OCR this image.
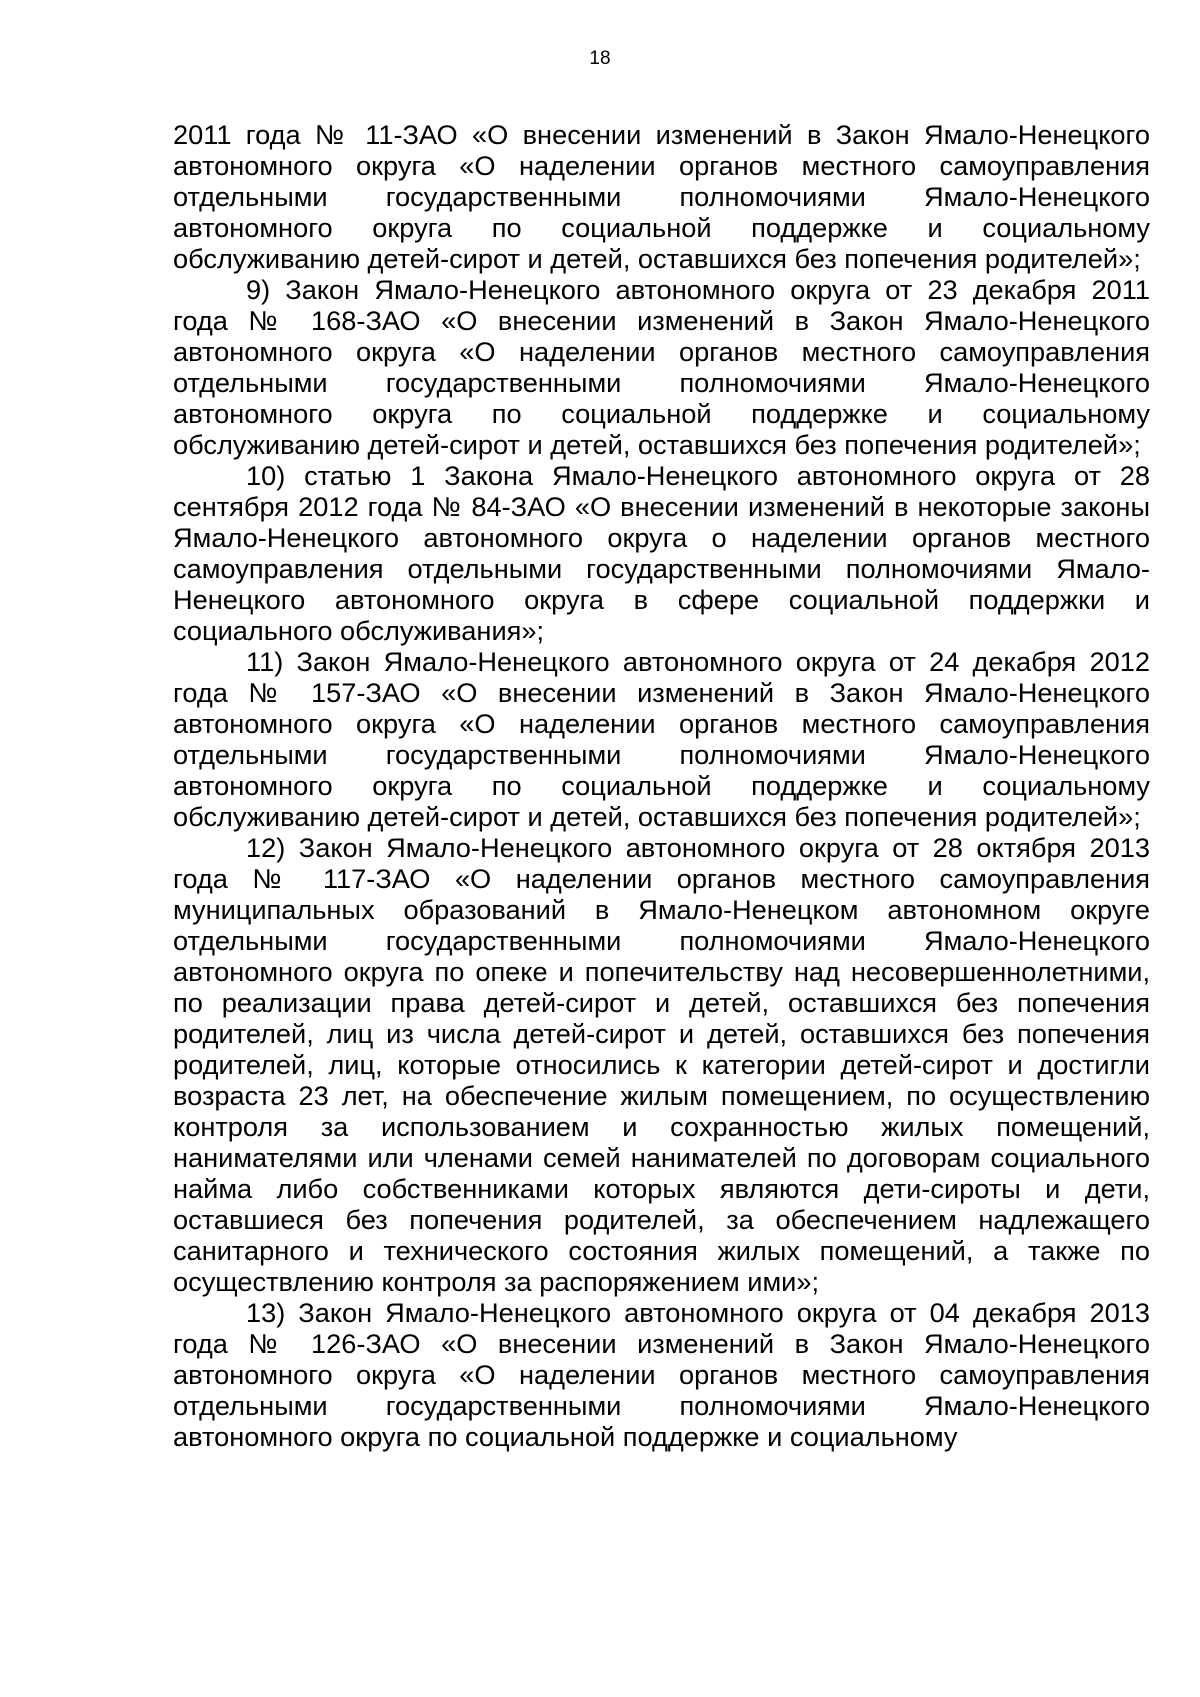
18

2011 года № 11-ЗАО «О внесении изменений в Закон Ямало-Ненецкого автономного округа «О наделении органов местного самоуправления отдельными государственными полномочиями Ямало-Ненецкого автономного округа по социальной поддержке и социальному обслуживанию детей-сирот и детей, оставшихся без попечения родителей»;

9) Закон Ямало-Ненецкого автономного округа от 23 декабря 2011 года № 168-ЗАО «О внесении изменений в Закон Ямало-Ненецкого автономного округа «О наделении органов местного самоуправления отдельными государственными полномочиями Ямало-Ненецкого автономного округа по социальной поддержке и социальному обслуживанию детей-сирот и детей, оставшихся без попечения родителей»;

10) статью 1 Закона Ямало-Ненецкого автономного округа от 28 сентября 2012 года № 84-ЗАО «О внесении изменений в некоторые законы Ямало-Ненецкого автономного округа о наделении органов местного самоуправления отдельными государственными полномочиями Ямало-Ненецкого автономного округа в сфере социальной поддержки и социального обслуживания»;

11) Закон Ямало-Ненецкого автономного округа от 24 декабря 2012 года № 157-ЗАО «О внесении изменений в Закон Ямало-Ненецкого автономного округа «О наделении органов местного самоуправления отдельными государственными полномочиями Ямало-Ненецкого автономного округа по социальной поддержке и социальному обслуживанию детей-сирот и детей, оставшихся без попечения родителей»;

12) Закон Ямало-Ненецкого автономного округа от 28 октября 2013 года № 117-ЗАО «О наделении органов местного самоуправления муниципальных образований в Ямало-Ненецком автономном округе отдельными государственными полномочиями Ямало-Ненецкого автономного округа по опеке и попечительству над несовершеннолетними, по реализации права детей-сирот и детей, оставшихся без попечения родителей, лиц из числа детей-сирот и детей, оставшихся без попечения родителей, лиц, которые относились к категории детей-сирот и достигли возраста 23 лет, на обеспечение жилым помещением, по осуществлению контроля за использованием и сохранностью жилых помещений, нанимателями или членами семей нанимателей по договорам социального найма либо собственниками которых являются дети-сироты и дети, оставшиеся без попечения родителей, за обеспечением надлежащего санитарного и технического состояния жилых помещений, а также по осуществлению контроля за распоряжением ими»;

13) Закон Ямало-Ненецкого автономного округа от 04 декабря 2013 года № 126-ЗАО «О внесении изменений в Закон Ямало-Ненецкого автономного округа «О наделении органов местного самоуправления отдельными государственными полномочиями Ямало-Ненецкого автономного округа по социальной поддержке и социальному
